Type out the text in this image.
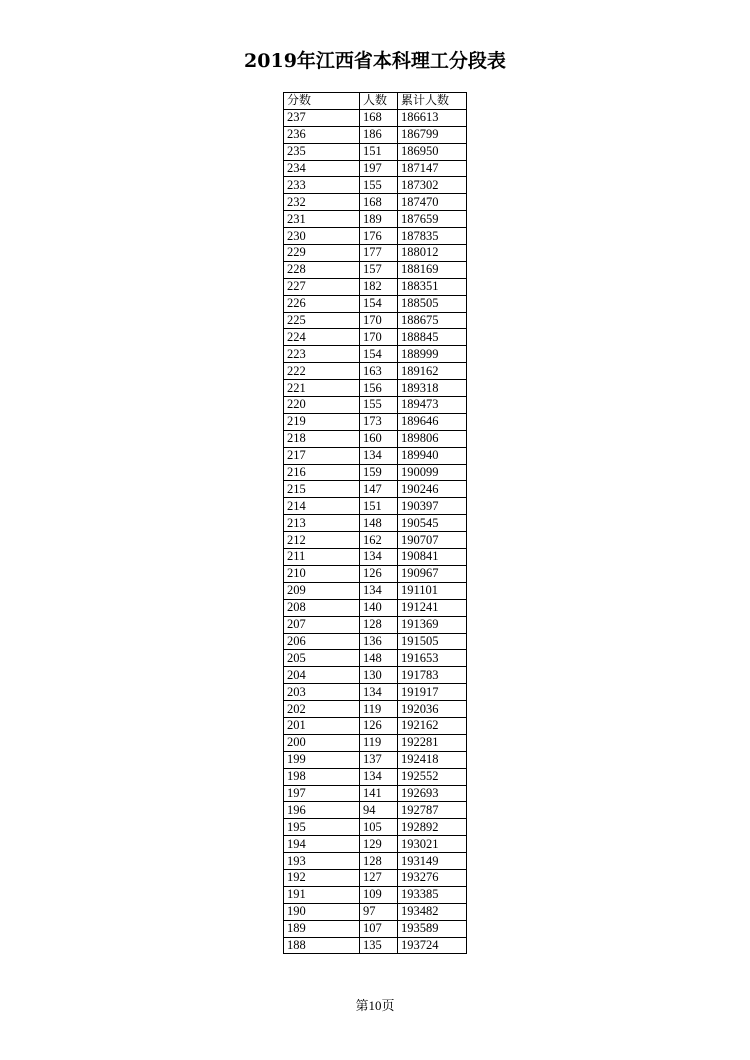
2019年江西省本科理工分段表
分数	人数	累计人数
237	168	186613
236	186	186799
235	151	186950
234	197	187147
233	155	187302
232	168	187470
231	189	187659
230	176	187835
229	177	188012
228	157	188169
227	182	188351
226	154	188505
225	170	188675
224	170	188845
223	154	188999
222	163	189162
221	156	189318
220	155	189473
219	173	189646
218	160	189806
217	134	189940
216	159	190099
215	147	190246
214	151	190397
213	148	190545
212	162	190707
211	134	190841
210	126	190967
209	134	191101
208	140	191241
207	128	191369
206	136	191505
205	148	191653
204	130	191783
203	134	191917
202	119	192036
201	126	192162
200	119	192281
199	137	192418
198	134	192552
197	141	192693
196	94	192787
195	105	192892
194	129	193021
193	128	193149
192	127	193276
191	109	193385
190	97	193482
189	107	193589
188	135	193724
第10页
